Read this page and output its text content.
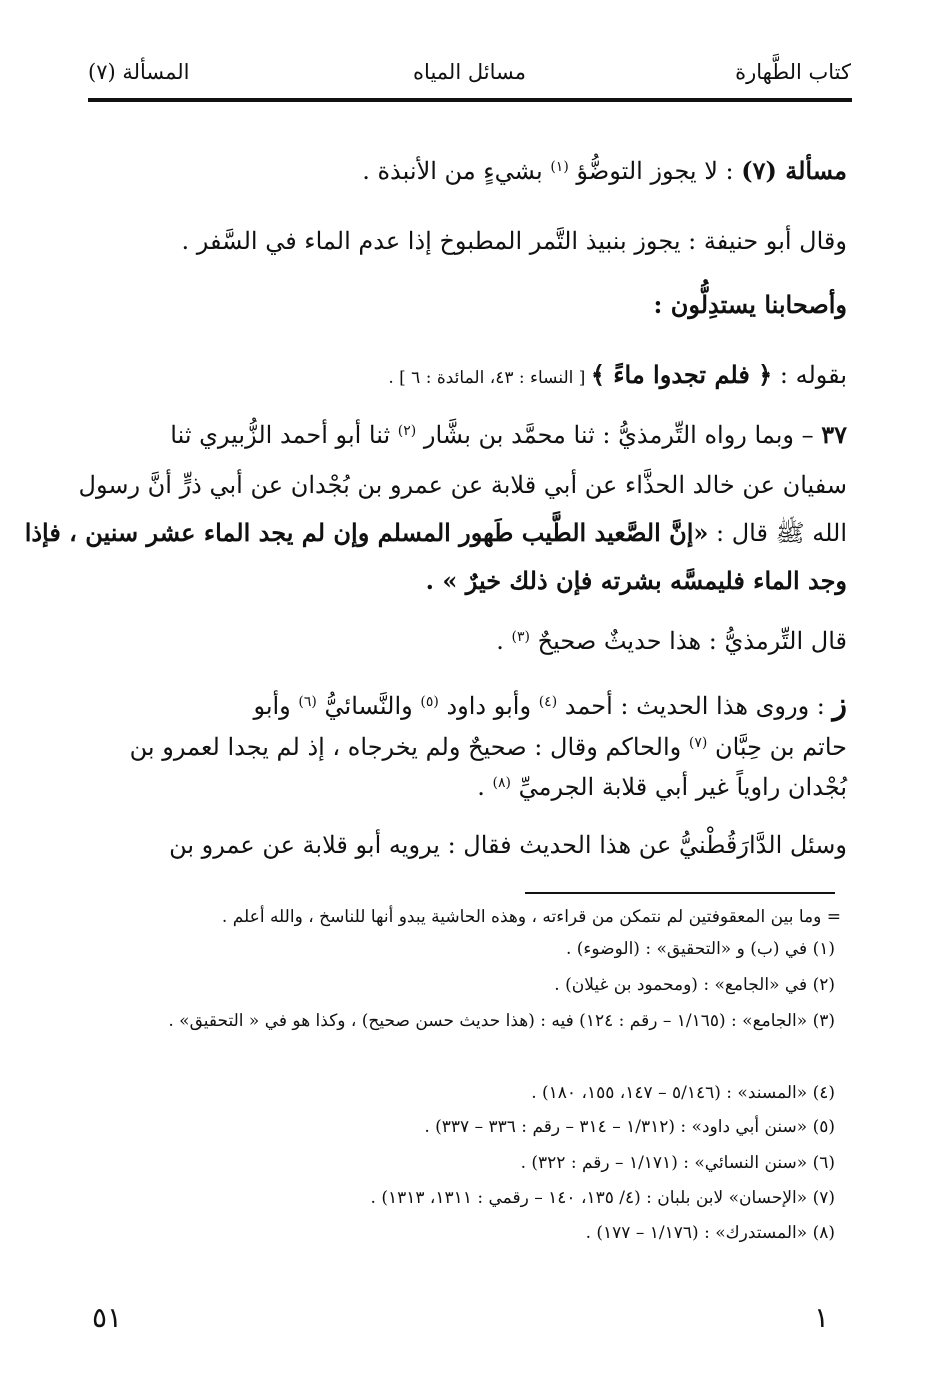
كتاب الطَّهارة
مسائل المياه
المسألة (٧)
مسألة (٧) : لا يجوز التوضُّؤ $^{(١)}$ بشيءٍ من الأنبذة .
وقال أبو حنيفة : يجوز بنبيذ التَّمر المطبوخ إذا عدم الماء في السَّفر .
وأصحابنا يستدِلُّون :
بقوله : ﴿ فلم تجدوا ماءً ﴾ [ النساء : ٤٣، المائدة : ٦ ] .
٣٧ – وبما رواه التِّرمذيُّ : ثنا محمَّد بن بشَّار $^{(٢)}$ ثنا أبو أحمد الزُّبيري ثنا
سفيان عن خالد الحذَّاء عن أبي قلابة عن عمرو بن بُجْدان عن أبي ذرٍّ أنَّ رسول
الله ﷺ قال : «إنَّ الصَّعيد الطَّيب طَهور المسلم وإن لم يجد الماء عشر سنين ، فإذا
وجد الماء فليمسَّه بشرته فإن ذلك خيرٌ » .
قال التِّرمذيُّ : هذا حديثٌ صحيحٌ $^{(٣)}$ .
ز : وروى هذا الحديث : أحمد $^{(٤)}$ وأبو داود $^{(٥)}$ والنَّسائيُّ $^{(٦)}$ وأبو
حاتم بن حِبَّان $^{(٧)}$ والحاكم وقال : صحيحٌ ولم يخرجاه ، إذ لم يجدا لعمرو بن
بُجْدان راوياً غير أبي قلابة الجرميِّ $^{(٨)}$ .
وسئل الدَّارَقُطْنيُّ عن هذا الحديث فقال : يرويه أبو قلابة عن عمرو بن
= وما بين المعقوفتين لم نتمكن من قراءته ، وهذه الحاشية يبدو أنها للناسخ ، والله أعلم .
(١) في (ب) و «التحقيق» : (الوضوء) .
(٢) في «الجامع» : (ومحمود بن غيلان) .
(٣) «الجامع» : (١/١٦٥ – رقم : ١٢٤) فيه : (هذا حديث حسن صحيح) ، وكذا هو في « التحقيق» .
(٤) «المسند» : (٥/١٤٦ – ١٤٧، ١٥٥، ١٨٠) .
(٥) «سنن أبي داود» : (١/٣١٢ – ٣١٤ – رقم : ٣٣٦ – ٣٣٧) .
(٦) «سنن النسائي» : (١/١٧١ – رقم : ٣٢٢) .
(٧) «الإحسان» لابن بلبان : (٤/ ١٣٥، ١٤٠ – رقمي : ١٣١١، ١٣١٣) .
(٨) «المستدرك» : (١/١٧٦ – ١٧٧) .
٥١	١
